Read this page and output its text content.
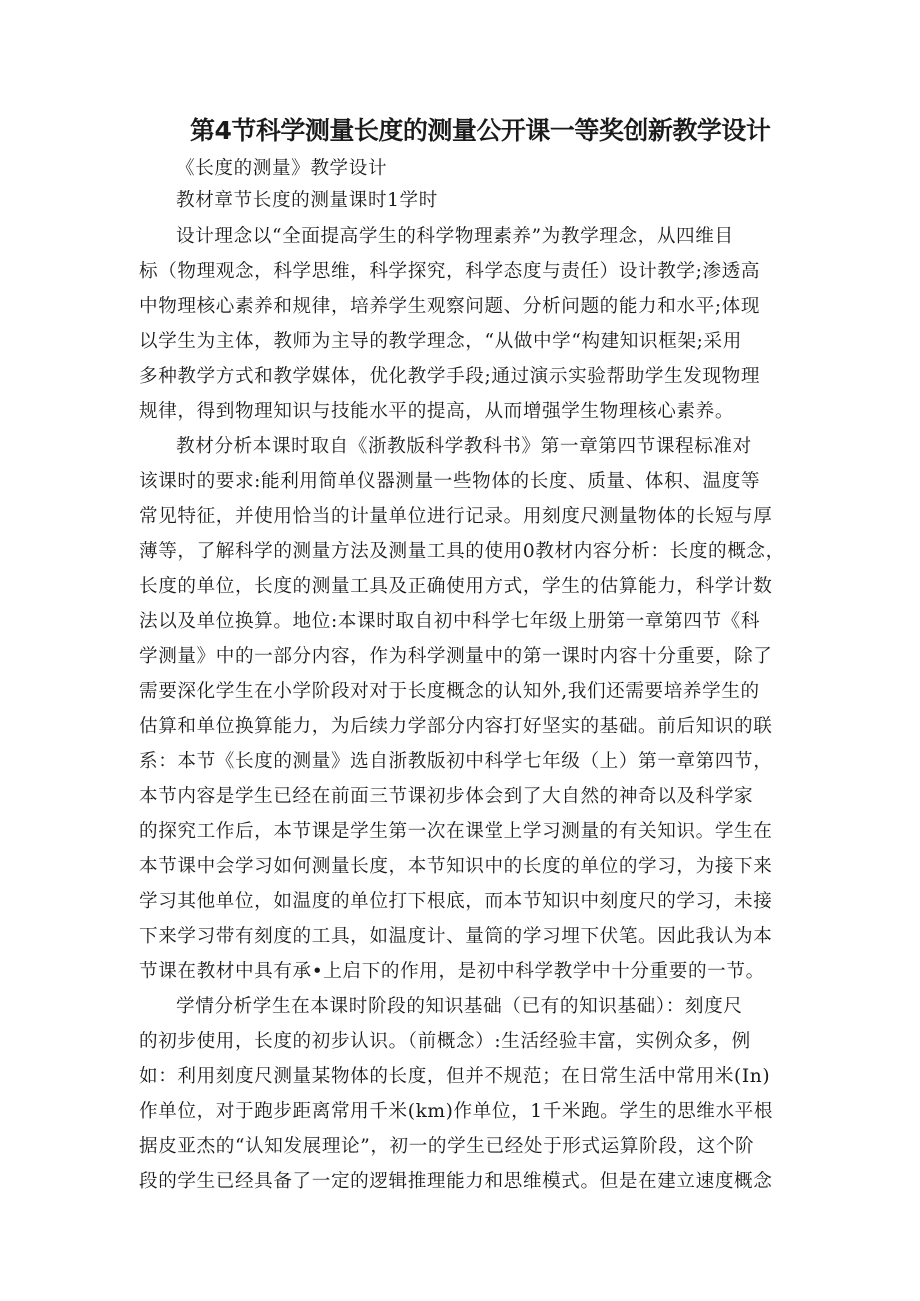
第4节科学测量长度的测量公开课一等奖创新教学设计
《长度的测量》教学设计
教材章节长度的测量课时1学时
设计理念以“全面提高学生的科学物理素养”为教学理念，从四维目
标（物理观念，科学思维，科学探究，科学态度与责任）设计教学;渗透高
中物理核心素养和规律，培养学生观察问题、分析问题的能力和水平;体现
以学生为主体，教师为主导的教学理念，“从做中学“构建知识框架;采用
多种教学方式和教学媒体，优化教学手段;通过演示实验帮助学生发现物理
规律，得到物理知识与技能水平的提高，从而增强学生物理核心素养。
教材分析本课时取自《浙教版科学教科书》第一章第四节课程标准对
该课时的要求:能利用简单仪器测量一些物体的长度、质量、体积、温度等
常见特征，并使用恰当的计量单位进行记录。用刻度尺测量物体的长短与厚
薄等，了解科学的测量方法及测量工具的使用0教材内容分析：长度的概念，
长度的单位，长度的测量工具及正确使用方式，学生的估算能力，科学计数
法以及单位换算。地位:本课时取自初中科学七年级上册第一章第四节《科
学测量》中的一部分内容，作为科学测量中的第一课时内容十分重要，除了
需要深化学生在小学阶段对对于长度概念的认知外,我们还需要培养学生的
估算和单位换算能力，为后续力学部分内容打好坚实的基础。前后知识的联
系：本节《长度的测量》选自浙教版初中科学七年级（上）第一章第四节，
本节内容是学生已经在前面三节课初步体会到了大自然的神奇以及科学家
的探究工作后，本节课是学生第一次在课堂上学习测量的有关知识。学生在
本节课中会学习如何测量长度，本节知识中的长度的单位的学习，为接下来
学习其他单位，如温度的单位打下根底，而本节知识中刻度尺的学习，未接
下来学习带有刻度的工具，如温度计、量筒的学习埋下伏笔。因此我认为本
节课在教材中具有承•上启下的作用，是初中科学教学中十分重要的一节。
学情分析学生在本课时阶段的知识基础（已有的知识基础）：刻度尺
的初步使用，长度的初步认识。（前概念）:生活经验丰富，实例众多，例
如：利用刻度尺测量某物体的长度，但并不规范；在日常生活中常用米(In)
作单位，对于跑步距离常用千米(km)作单位，1千米跑。学生的思维水平根
据皮亚杰的“认知发展理论”，初一的学生已经处于形式运算阶段，这个阶
段的学生已经具备了一定的逻辑推理能力和思维模式。但是在建立速度概念
